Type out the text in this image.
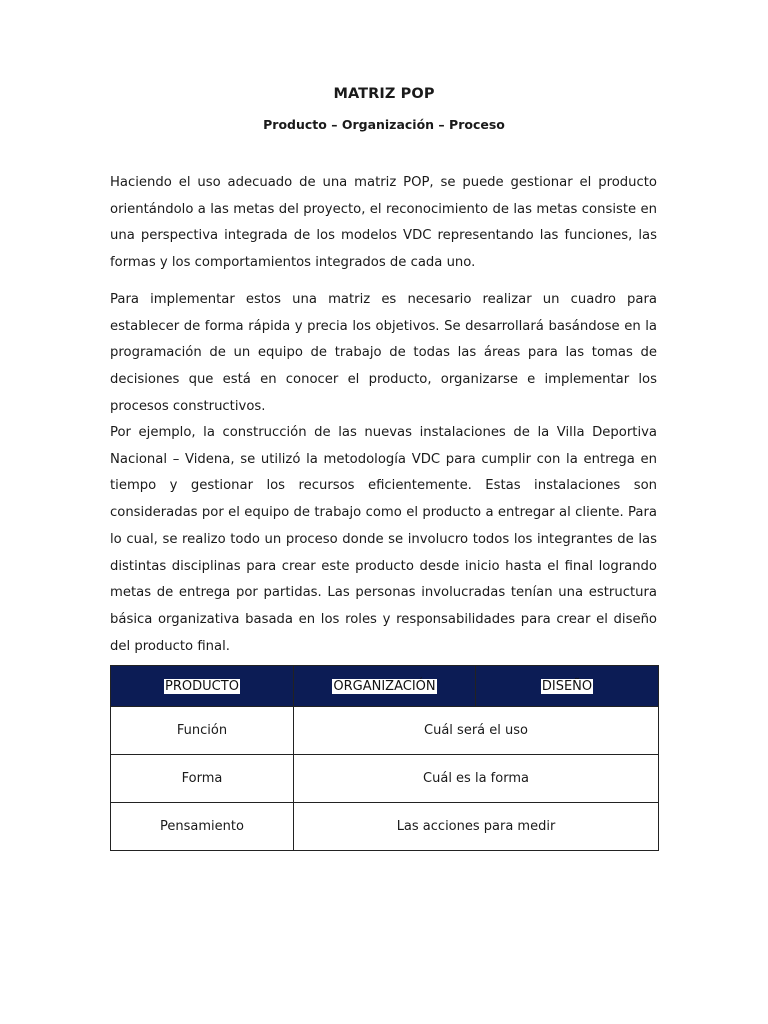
MATRIZ POP
Producto – Organización – Proceso

Haciendo el uso adecuado de una matriz POP, se puede gestionar el producto orientándolo a las metas del proyecto, el reconocimiento de las metas consiste en una perspectiva integrada de los modelos VDC representando las funciones, las formas y los comportamientos integrados de cada uno.

Para implementar estos una matriz es necesario realizar un cuadro para establecer de forma rápida y precia los objetivos. Se desarrollará basándose en la programación de un equipo de trabajo de todas las áreas para las tomas de decisiones que está en conocer el producto, organizarse e implementar los procesos constructivos.

Por ejemplo, la construcción de las nuevas instalaciones de la Villa Deportiva Nacional – Videna, se utilizó la metodología VDC para cumplir con la entrega en tiempo y gestionar los recursos eficientemente. Estas instalaciones son consideradas por el equipo de trabajo como el producto a entregar al cliente. Para lo cual, se realizo todo un proceso donde se involucro todos los integrantes de las distintas disciplinas para crear este producto desde inicio hasta el final logrando metas de entrega por partidas. Las personas involucradas tenían una estructura básica organizativa basada en los roles y responsabilidades para crear el diseño del producto final.

PRODUCTO	ORGANIZACIÓN	DISEÑO
Función	Cuál será el uso	
Forma	Cuál es la forma	
Pensamiento	Las acciones para medir	
